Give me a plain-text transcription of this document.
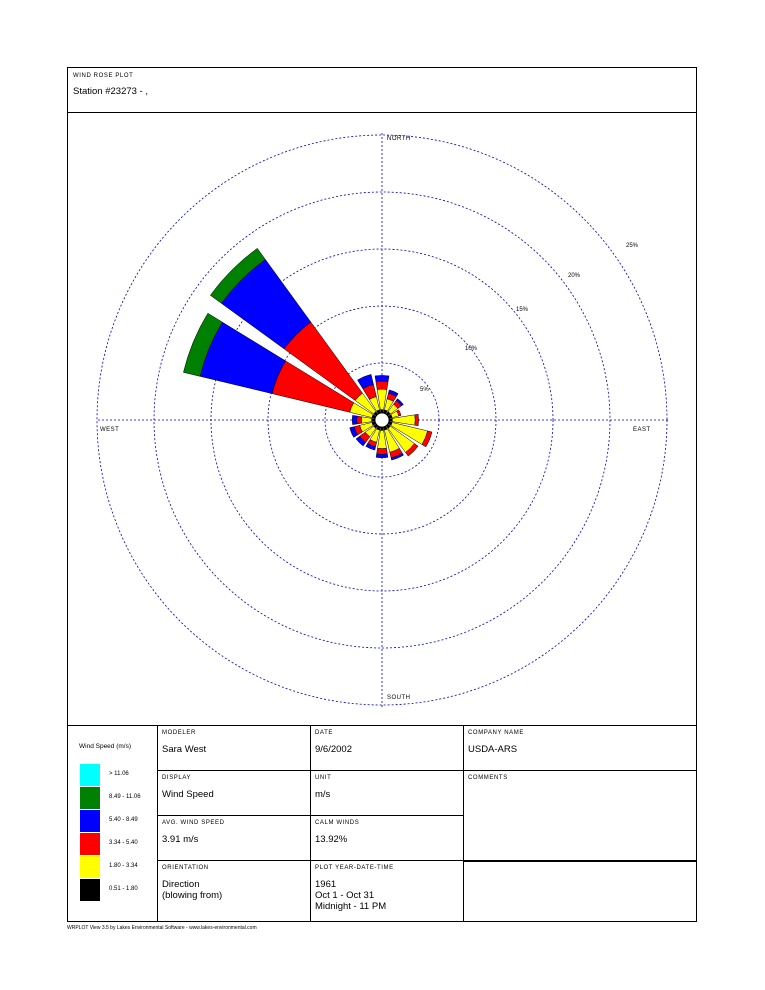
WIND ROSE PLOT
Station #23273 - ,
NORTH
SOUTH
WEST	EAST
5%
10%
15%
20%
25%
Wind Speed (m/s)
> 11.06
8.49 - 11.06
5.40 - 8.49
3.34 - 5.40
1.80 - 3.34
0.51 - 1.80
MODELER
Sara West
DATE
9/6/2002
COMPANY NAME
USDA-ARS
DISPLAY
Wind Speed
UNIT
m/s
COMMENTS
AVG. WIND SPEED
3.91 m/s
CALM WINDS
13.92%
ORIENTATION
Direction
(blowing from)
PLOT YEAR-DATE-TIME
1961
Oct 1 - Oct 31
Midnight - 11 PM
WRPLOT View 3.5 by Lakes Environmental Software - www.lakes-environmental.com
